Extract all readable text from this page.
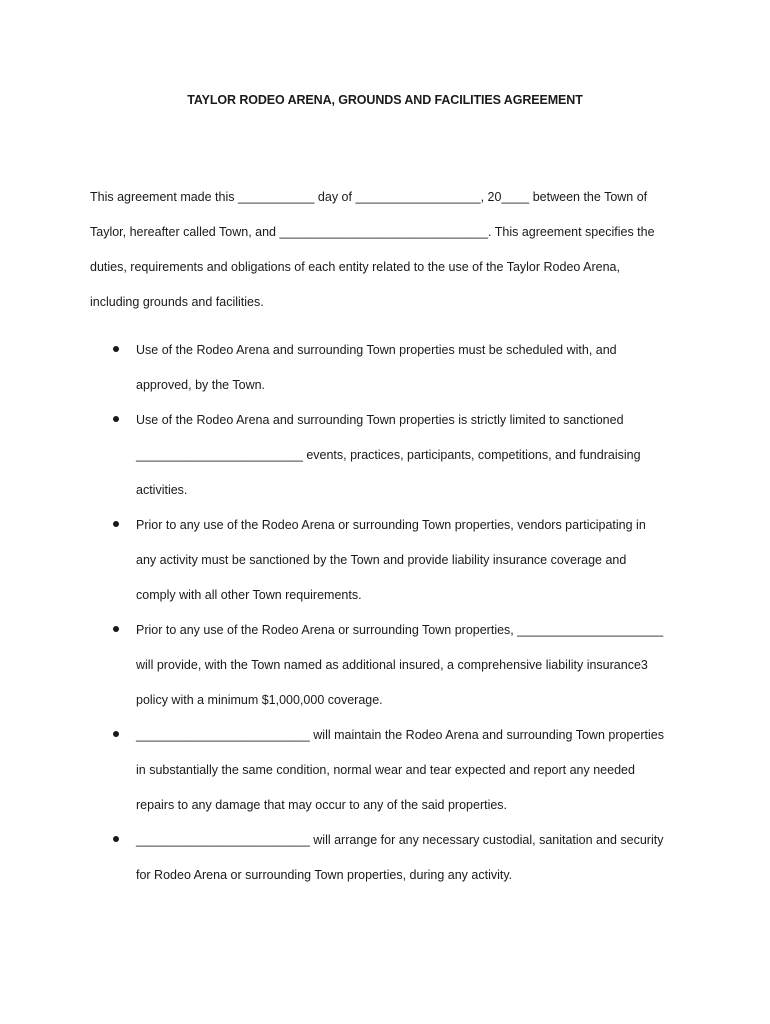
TAYLOR RODEO ARENA, GROUNDS AND FACILITIES AGREEMENT
This agreement made this ___________ day of __________________, 20____ between the Town of
Taylor, hereafter called Town, and ______________________________. This agreement specifies the
duties, requirements and obligations of each entity related to the use of the Taylor Rodeo Arena,
including grounds and facilities.
Use of the Rodeo Arena and surrounding Town properties must be scheduled with, and
approved, by the Town.
Use of the Rodeo Arena and surrounding Town properties is strictly limited to sanctioned
________________________ events, practices, participants, competitions, and fundraising
activities.
Prior to any use of the Rodeo Arena or surrounding Town properties, vendors participating in
any activity must be sanctioned by the Town and provide liability insurance coverage and
comply with all other Town requirements.
Prior to any use of the Rodeo Arena or surrounding Town properties, _____________________
will provide, with the Town named as additional insured, a comprehensive liability insurance3
policy with a minimum $1,000,000 coverage.
_________________________ will maintain the Rodeo Arena and surrounding Town properties
in substantially the same condition, normal wear and tear expected and report any needed
repairs to any damage that may occur to any of the said properties.
_________________________ will arrange for any necessary custodial, sanitation and security
for Rodeo Arena or surrounding Town properties, during any activity.
